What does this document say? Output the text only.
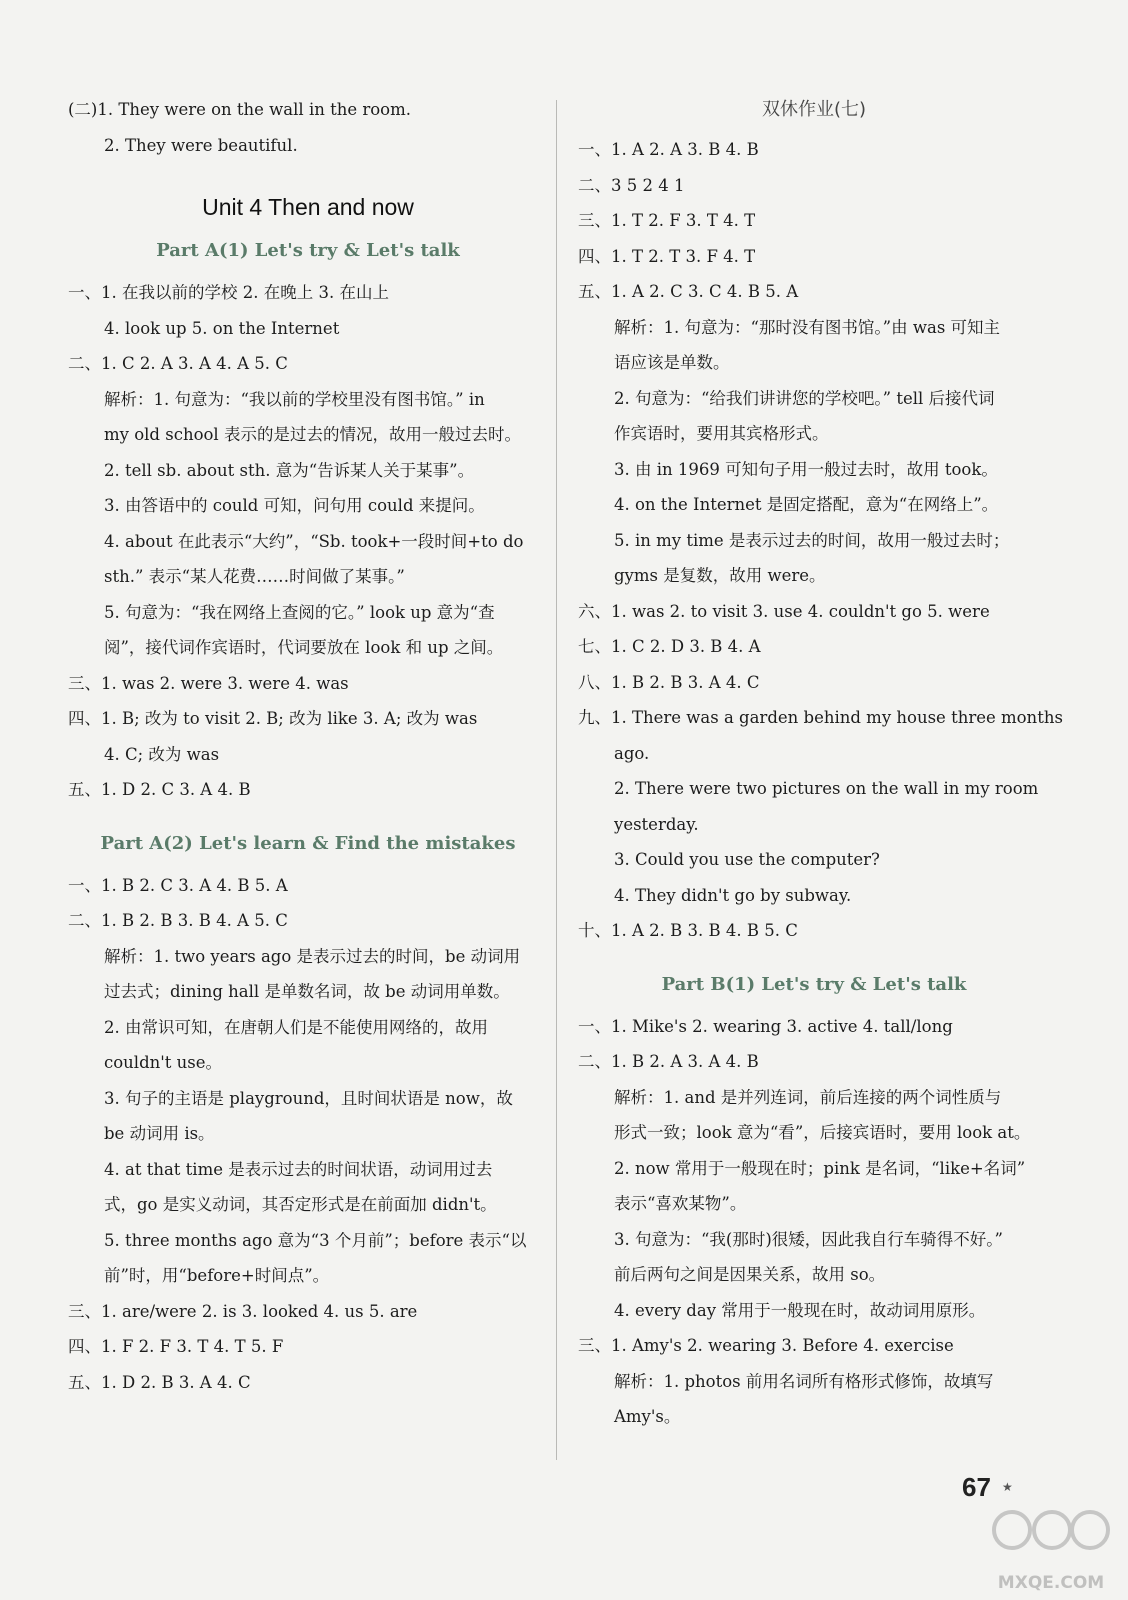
(二)1. They were on the wall in the room.
2. They were beautiful.
Unit 4 Then and now
Part A(1) Let's try & Let's talk
一、1. 在我以前的学校 2. 在晚上 3. 在山上
4. look up 5. on the Internet
二、1. C 2. A 3. A 4. A 5. C
解析：1. 句意为：“我以前的学校里没有图书馆。” in
my old school 表示的是过去的情况，故用一般过去时。
2. tell sb. about sth. 意为“告诉某人关于某事”。
3. 由答语中的 could 可知，问句用 could 来提问。
4. about 在此表示“大约”，“Sb. took+一段时间+to do
sth.” 表示“某人花费……时间做了某事。”
5. 句意为：“我在网络上查阅的它。” look up 意为“查
阅”，接代词作宾语时，代词要放在 look 和 up 之间。
三、1. was 2. were 3. were 4. was
四、1. B; 改为 to visit 2. B; 改为 like 3. A; 改为 was
4. C; 改为 was
五、1. D 2. C 3. A 4. B
Part A(2) Let's learn & Find the mistakes
一、1. B 2. C 3. A 4. B 5. A
二、1. B 2. B 3. B 4. A 5. C
解析：1. two years ago 是表示过去的时间，be 动词用
过去式；dining hall 是单数名词，故 be 动词用单数。
2. 由常识可知，在唐朝人们是不能使用网络的，故用
couldn't use。
3. 句子的主语是 playground，且时间状语是 now，故
be 动词用 is。
4. at that time 是表示过去的时间状语，动词用过去
式，go 是实义动词，其否定形式是在前面加 didn't。
5. three months ago 意为“3 个月前”；before 表示“以
前”时，用“before+时间点”。
三、1. are/were 2. is 3. looked 4. us 5. are
四、1. F 2. F 3. T 4. T 5. F
五、1. D 2. B 3. A 4. C
双休作业(七)
一、1. A 2. A 3. B 4. B
二、3 5 2 4 1
三、1. T 2. F 3. T 4. T
四、1. T 2. T 3. F 4. T
五、1. A 2. C 3. C 4. B 5. A
解析：1. 句意为：“那时没有图书馆。”由 was 可知主
语应该是单数。
2. 句意为：“给我们讲讲您的学校吧。” tell 后接代词
作宾语时，要用其宾格形式。
3. 由 in 1969 可知句子用一般过去时，故用 took。
4. on the Internet 是固定搭配，意为“在网络上”。
5. in my time 是表示过去的时间，故用一般过去时；
gyms 是复数，故用 were。
六、1. was 2. to visit 3. use 4. couldn't go 5. were
七、1. C 2. D 3. B 4. A
八、1. B 2. B 3. A 4. C
九、1. There was a garden behind my house three months
ago.
2. There were two pictures on the wall in my room
yesterday.
3. Could you use the computer?
4. They didn't go by subway.
十、1. A 2. B 3. B 4. B 5. C
Part B(1) Let's try & Let's talk
一、1. Mike's 2. wearing 3. active 4. tall/long
二、1. B 2. A 3. A 4. B
解析：1. and 是并列连词，前后连接的两个词性质与
形式一致；look 意为“看”，后接宾语时，要用 look at。
2. now 常用于一般现在时；pink 是名词，“like+名词”
表示“喜欢某物”。
3. 句意为：“我(那时)很矮，因此我自行车骑得不好。”
前后两句之间是因果关系，故用 so。
4. every day 常用于一般现在时，故动词用原形。
三、1. Amy's 2. wearing 3. Before 4. exercise
解析：1. photos 前用名词所有格形式修饰，故填写
Amy's。
67 ★
MXQE.COM
